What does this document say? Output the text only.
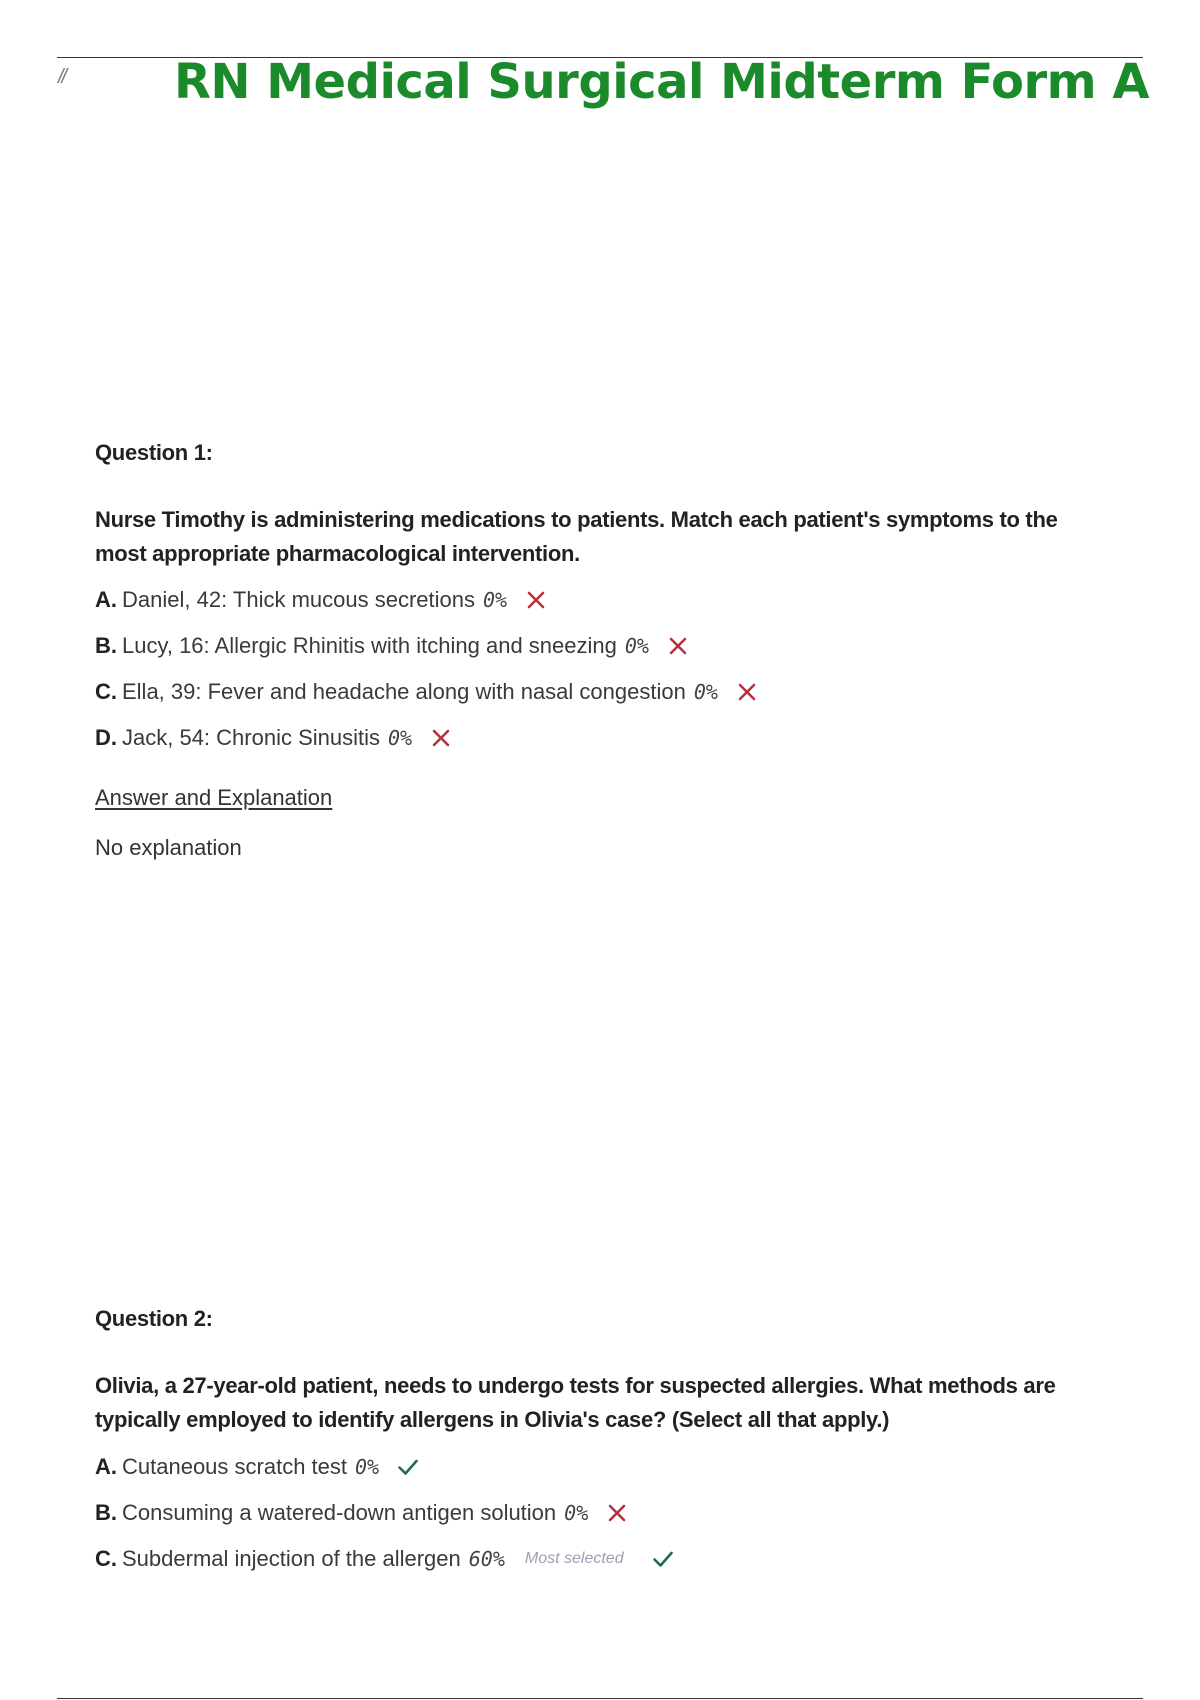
// RN Medical Surgical Midterm Form A
Question 1:
Nurse Timothy is administering medications to patients. Match each patient's symptoms to the most appropriate pharmacological intervention.
A. Daniel, 42: Thick mucous secretions 0%
B. Lucy, 16: Allergic Rhinitis with itching and sneezing 0%
C. Ella, 39: Fever and headache along with nasal congestion 0%
D. Jack, 54: Chronic Sinusitis 0%
Answer and Explanation
No explanation
Question 2:
Olivia, a 27-year-old patient, needs to undergo tests for suspected allergies. What methods are typically employed to identify allergens in Olivia's case? (Select all that apply.)
A. Cutaneous scratch test 0%
B. Consuming a watered-down antigen solution 0%
C. Subdermal injection of the allergen 60% Most selected
